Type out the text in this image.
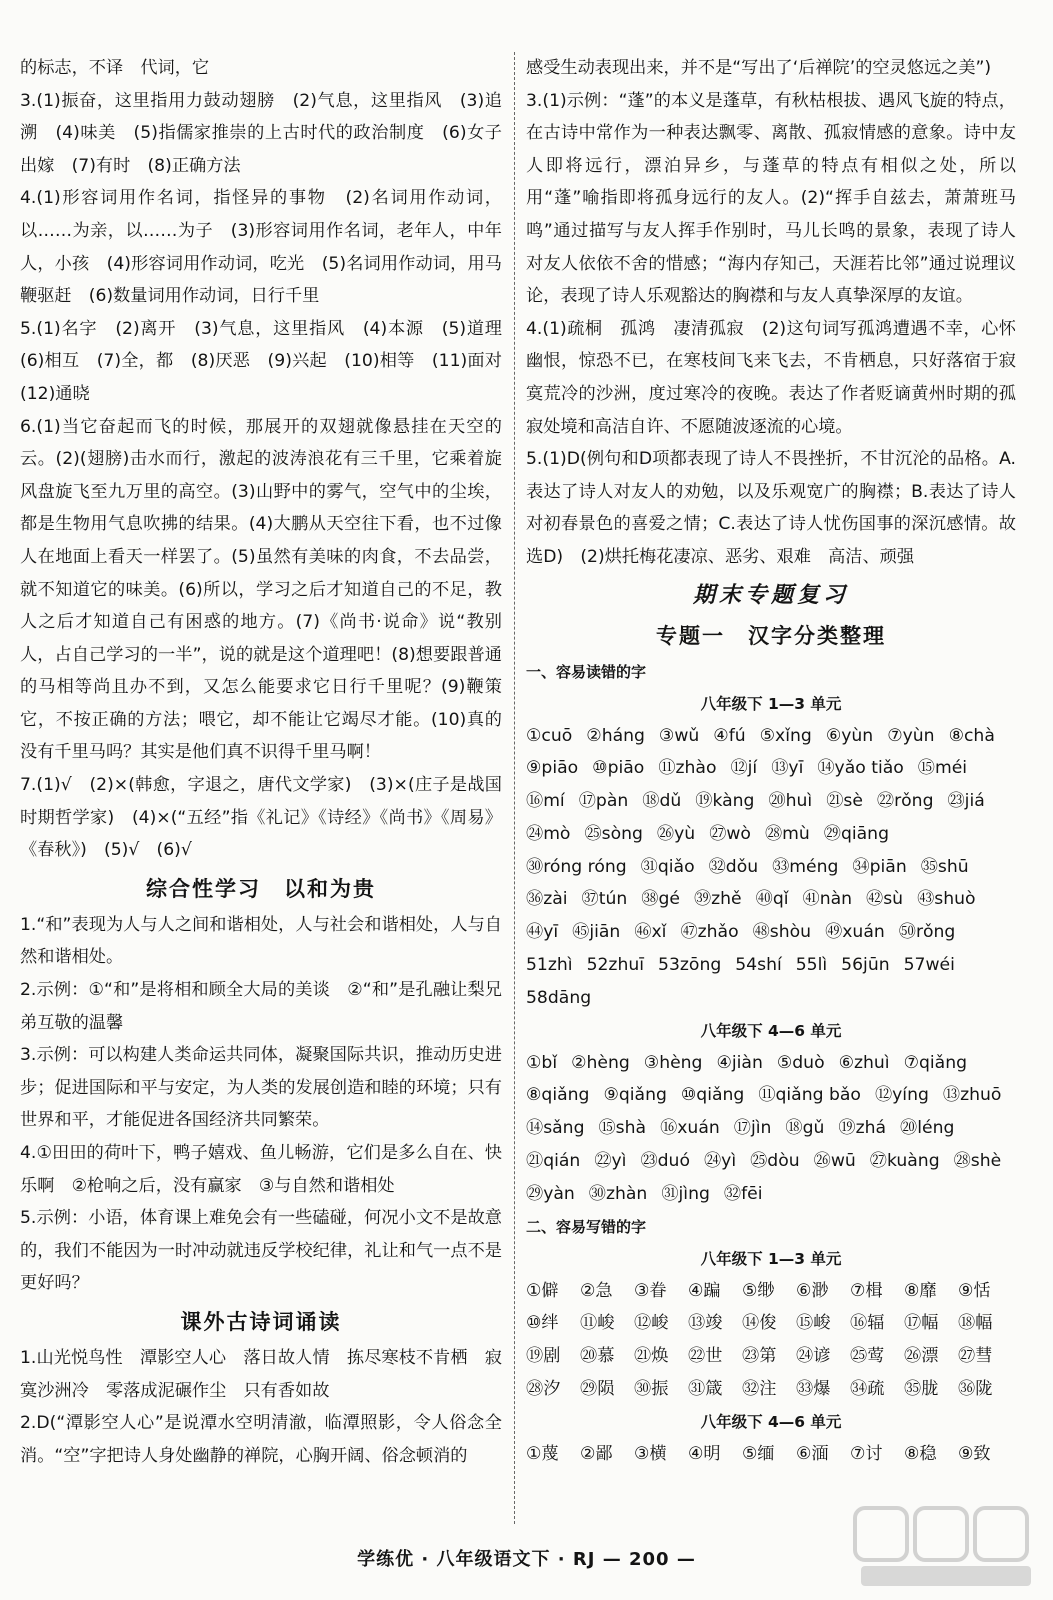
的标志，不译　代词，它
3.(1)振奋，这里指用力鼓动翅膀　(2)气息，这里指风　(3)追溯　(4)味美　(5)指儒家推崇的上古时代的政治制度　(6)女子出嫁　(7)有时　(8)正确方法
4.(1)形容词用作名词，指怪异的事物　(2)名词用作动词，以……为亲，以……为子　(3)形容词用作名词，老年人，中年人，小孩　(4)形容词用作动词，吃光　(5)名词用作动词，用马鞭驱赶　(6)数量词用作动词，日行千里
5.(1)名字　(2)离开　(3)气息，这里指风　(4)本源　(5)道理　(6)相互　(7)全，都　(8)厌恶　(9)兴起　(10)相等　(11)面对　(12)通晓
6.(1)当它奋起而飞的时候，那展开的双翅就像悬挂在天空的云。(2)(翅膀)击水而行，激起的波涛浪花有三千里，它乘着旋风盘旋飞至九万里的高空。(3)山野中的雾气，空气中的尘埃，都是生物用气息吹拂的结果。(4)大鹏从天空往下看，也不过像人在地面上看天一样罢了。(5)虽然有美味的肉食，不去品尝，就不知道它的味美。(6)所以，学习之后才知道自己的不足，教人之后才知道自己有困惑的地方。(7)《尚书·说命》说“教别人，占自己学习的一半”，说的就是这个道理吧！(8)想要跟普通的马相等尚且办不到，又怎么能要求它日行千里呢？(9)鞭策它，不按正确的方法；喂它，却不能让它竭尽才能。(10)真的没有千里马吗？其实是他们真不识得千里马啊！
7.(1)√　(2)×(韩愈，字退之，唐代文学家)　(3)×(庄子是战国时期哲学家)　(4)×(“五经”指《礼记》《诗经》《尚书》《周易》《春秋》)　(5)√　(6)√
综合性学习　以和为贵
1.“和”表现为人与人之间和谐相处，人与社会和谐相处，人与自然和谐相处。
2.示例：①“和”是将相和顾全大局的美谈　②“和”是孔融让梨兄弟互敬的温馨
3.示例：可以构建人类命运共同体，凝聚国际共识，推动历史进步；促进国际和平与安定，为人类的发展创造和睦的环境；只有世界和平，才能促进各国经济共同繁荣。
4.①田田的荷叶下，鸭子嬉戏、鱼儿畅游，它们是多么自在、快乐啊　②枪响之后，没有赢家　③与自然和谐相处
5.示例：小语，体育课上难免会有一些磕碰，何况小文不是故意的，我们不能因为一时冲动就违反学校纪律，礼让和气一点不是更好吗？
课外古诗词诵读
1.山光悦鸟性　潭影空人心　落日故人情　拣尽寒枝不肯栖　寂寞沙洲冷　零落成泥碾作尘　只有香如故
2.D(“潭影空人心”是说潭水空明清澈，临潭照影，令人俗念全消。“空”字把诗人身处幽静的禅院，心胸开阔、俗念顿消的
感受生动表现出来，并不是“写出了‘后禅院’的空灵悠远之美”)
3.(1)示例：“蓬”的本义是蓬草，有秋枯根拔、遇风飞旋的特点，在古诗中常作为一种表达飘零、离散、孤寂情感的意象。诗中友人即将远行，漂泊异乡，与蓬草的特点有相似之处，所以用“蓬”喻指即将孤身远行的友人。(2)“挥手自兹去，萧萧班马鸣”通过描写与友人挥手作别时，马儿长鸣的景象，表现了诗人对友人依依不舍的惜感；“海内存知己，天涯若比邻”通过说理议论，表现了诗人乐观豁达的胸襟和与友人真挚深厚的友谊。
4.(1)疏桐　孤鸿　凄清孤寂　(2)这句词写孤鸿遭遇不幸，心怀幽恨，惊恐不已，在寒枝间飞来飞去，不肯栖息，只好落宿于寂寞荒冷的沙洲，度过寒冷的夜晚。表达了作者贬谪黄州时期的孤寂处境和高洁自许、不愿随波逐流的心境。
5.(1)D(例句和D项都表现了诗人不畏挫折，不甘沉沦的品格。A.表达了诗人对友人的劝勉，以及乐观宽广的胸襟；B.表达了诗人对初春景色的喜爱之情；C.表达了诗人忧伤国事的深沉感情。故选D)　(2)烘托梅花凄凉、恶劣、艰难　高洁、顽强
期末专题复习
专题一　汉字分类整理
一、容易读错的字
八年级下 1—3 单元
①cuō ②háng ③wǔ ④fú ⑤xǐng ⑥yùn ⑦yùn ⑧chà
⑨piāo ⑩piāo ⑪zhào ⑫jí ⑬yī ⑭yǎo tiǎo ⑮méi
⑯mí ⑰pàn ⑱dǔ ⑲kàng ⑳huì ㉑sè ㉒rǒng ㉓jiá
㉔mò ㉕sòng ㉖yù ㉗wò ㉘mù ㉙qiāng
㉚róng róng ㉛qiǎo ㉜dǒu ㉝méng ㉞piān ㉟shū
㊱zài ㊲tún ㊳gé ㊴zhě ㊵qǐ ㊶nàn ㊷sù ㊸shuò
㊹yī ㊺jiān ㊻xǐ ㊼zhǎo ㊽shòu ㊾xuán ㊿rǒng
51zhì 52zhuī 53zōng 54shí 55lì 56jūn 57wéi
58dāng
八年级下 4—6 单元
①bǐ ②hèng ③hèng ④jiàn ⑤duò ⑥zhuì ⑦qiǎng
⑧qiǎng ⑨qiǎng ⑩qiǎng ⑪qiǎng bǎo ⑫yíng ⑬zhuō
⑭sǎng ⑮shà ⑯xuán ⑰jìn ⑱gǔ ⑲zhá ⑳léng
㉑qián ㉒yì ㉓duó ㉔yì ㉕dòu ㉖wū ㉗kuàng ㉘shè
㉙yàn ㉚zhàn ㉛jìng ㉜fēi
二、容易写错的字
八年级下 1—3 单元
①僻	②急	③眷	④蹁	⑤缈	⑥渺	⑦楫	⑧靡	⑨恬
⑩绊	⑪峻	⑫峻	⑬竣	⑭俊	⑮峻	⑯辐	⑰幅	⑱幅
⑲剧	⑳慕	㉑焕	㉒世	㉓第	㉔谚	㉕莺	㉖漂	㉗彗
㉘汐	㉙陨	㉚振	㉛箴	㉜注	㉝爆	㉞疏	㉟胧	㊱陇
八年级下 4—6 单元
①蔑	②鄙	③横	④明	⑤缅	⑥湎	⑦讨	⑧稳	⑨致
学练优 · 八年级语文下 · RJ — 200 —
